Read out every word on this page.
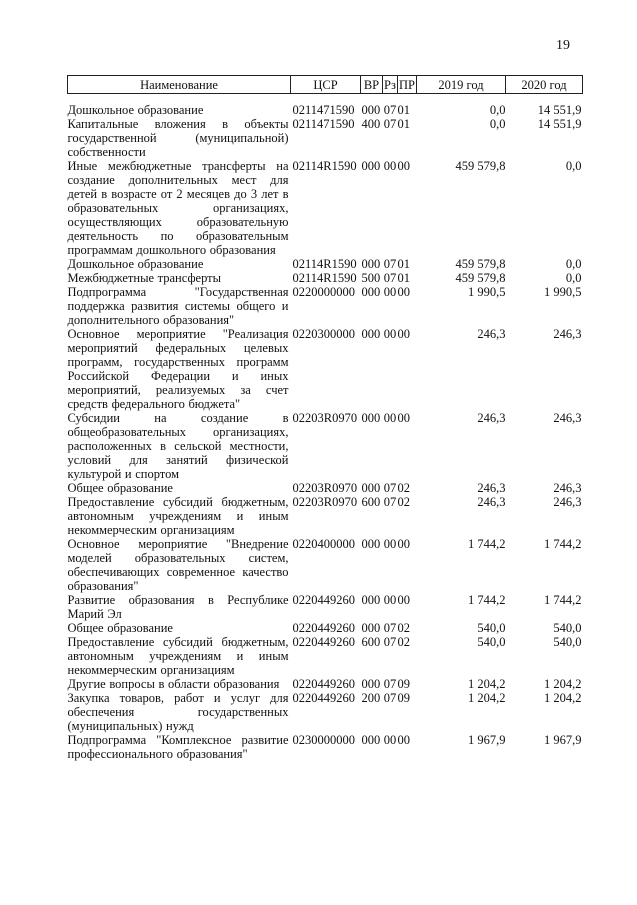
19
Наименование	ЦСР	ВР	Рз	ПР	2019 год	2020 год
Дошкольное образование	0211471590	000	07	01	0,0	14 551,9
Капитальные вложения в объекты государственной (муниципальной) собственности	0211471590	400	07	01	0,0	14 551,9
Иные межбюджетные трансферты на создание дополнительных мест для детей в возрасте от 2 месяцев до 3 лет в образовательных организациях, осуществляющих образовательную деятельность по образовательным программам дошкольного образования	02114R1590	000	00	00	459 579,8	0,0
Дошкольное образование	02114R1590	000	07	01	459 579,8	0,0
Межбюджетные трансферты	02114R1590	500	07	01	459 579,8	0,0
Подпрограмма "Государственная поддержка развития системы общего и дополнительного образования"	0220000000	000	00	00	1 990,5	1 990,5
Основное мероприятие "Реализация мероприятий федеральных целевых программ, государственных программ Российской Федерации и иных мероприятий, реализуемых за счет средств федерального бюджета"	0220300000	000	00	00	246,3	246,3
Субсидии на создание в общеобразовательных организациях, расположенных в сельской местности, условий для занятий физической культурой и спортом	02203R0970	000	00	00	246,3	246,3
Общее образование	02203R0970	000	07	02	246,3	246,3
Предоставление субсидий бюджетным, автономным учреждениям и иным некоммерческим организациям	02203R0970	600	07	02	246,3	246,3
Основное мероприятие "Внедрение моделей образовательных систем, обеспечивающих современное качество образования"	0220400000	000	00	00	1 744,2	1 744,2
Развитие образования в Республике Марий Эл	0220449260	000	00	00	1 744,2	1 744,2
Общее образование	0220449260	000	07	02	540,0	540,0
Предоставление субсидий бюджетным, автономным учреждениям и иным некоммерческим организациям	0220449260	600	07	02	540,0	540,0
Другие вопросы в области образования	0220449260	000	07	09	1 204,2	1 204,2
Закупка товаров, работ и услуг для обеспечения государственных (муниципальных) нужд	0220449260	200	07	09	1 204,2	1 204,2
Подпрограмма "Комплексное развитие профессионального образования"	0230000000	000	00	00	1 967,9	1 967,9
